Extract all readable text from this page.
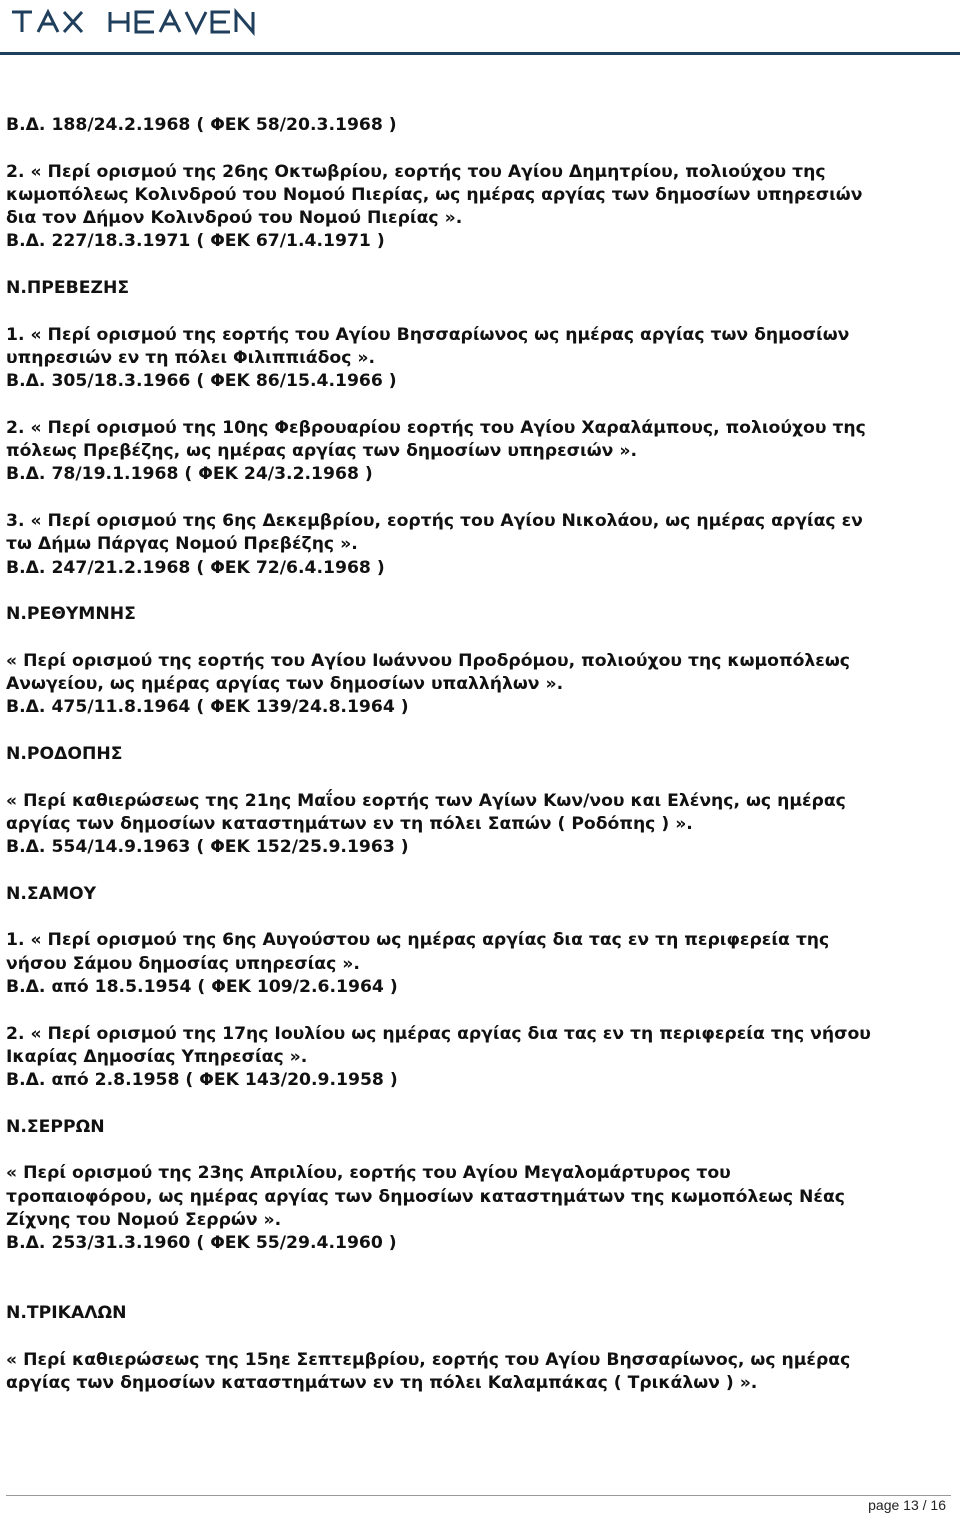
Β.Δ. 188/24.2.1968 ( ΦΕΚ 58/20.3.1968 )
2. « Περί ορισμού της 26ης Οκτωβρίου, εορτής του Αγίου Δημητρίου, πολιούχου της
κωμοπόλεως Κολινδρού του Νομού Πιερίας, ως ημέρας αργίας των δημοσίων υπηρεσιών
δια τον Δήμον Κολινδρού του Νομού Πιερίας ».
Β.Δ. 227/18.3.1971 ( ΦΕΚ 67/1.4.1971 )
Ν.ΠΡΕΒΕΖΗΣ
1. « Περί ορισμού της εορτής του Αγίου Βησσαρίωνος ως ημέρας αργίας των δημοσίων
υπηρεσιών εν τη πόλει Φιλιππιάδος ».
Β.Δ. 305/18.3.1966 ( ΦΕΚ 86/15.4.1966 )
2. « Περί ορισμού της 10ης Φεβρουαρίου εορτής του Αγίου Χαραλάμπους, πολιούχου της
πόλεως Πρεβέζης, ως ημέρας αργίας των δημοσίων υπηρεσιών ».
Β.Δ. 78/19.1.1968 ( ΦΕΚ 24/3.2.1968 )
3. « Περί ορισμού της 6ης Δεκεμβρίου, εορτής του Αγίου Νικολάου, ως ημέρας αργίας εν
τω Δήμω Πάργας Νομού Πρεβέζης ».
Β.Δ. 247/21.2.1968 ( ΦΕΚ 72/6.4.1968 )
Ν.ΡΕΘΥΜΝΗΣ
« Περί ορισμού της εορτής του Αγίου Ιωάννου Προδρόμου, πολιούχου της κωμοπόλεως
Ανωγείου, ως ημέρας αργίας των δημοσίων υπαλλήλων ».
Β.Δ. 475/11.8.1964 ( ΦΕΚ 139/24.8.1964 )
Ν.ΡΟΔΟΠΗΣ
« Περί καθιερώσεως της 21ης Μαΐου εορτής των Αγίων Κων/νου και Ελένης, ως ημέρας
αργίας των δημοσίων καταστημάτων εν τη πόλει Σαπών ( Ροδόπης ) ».
Β.Δ. 554/14.9.1963 ( ΦΕΚ 152/25.9.1963 )
Ν.ΣΑΜΟΥ
1. « Περί ορισμού της 6ης Αυγούστου ως ημέρας αργίας δια τας εν τη περιφερεία της
νήσου Σάμου δημοσίας υπηρεσίας ».
Β.Δ. από 18.5.1954 ( ΦΕΚ 109/2.6.1964 )
2. « Περί ορισμού της 17ης Ιουλίου ως ημέρας αργίας δια τας εν τη περιφερεία της νήσου
Ικαρίας Δημοσίας Υπηρεσίας ».
Β.Δ. από 2.8.1958 ( ΦΕΚ 143/20.9.1958 )
Ν.ΣΕΡΡΩΝ
« Περί ορισμού της 23ης Απριλίου, εορτής του Αγίου Μεγαλομάρτυρος του
τροπαιοφόρου, ως ημέρας αργίας των δημοσίων καταστημάτων της κωμοπόλεως Νέας
Ζίχνης του Νομού Σερρών ».
Β.Δ. 253/31.3.1960 ( ΦΕΚ 55/29.4.1960 )
Ν.ΤΡΙΚΑΛΩΝ
« Περί καθιερώσεως της 15ηε Σεπτεμβρίου, εορτής του Αγίου Βησσαρίωνος, ως ημέρας
αργίας των δημοσίων καταστημάτων εν τη πόλει Καλαμπάκας ( Τρικάλων ) ».
page 13 / 16
